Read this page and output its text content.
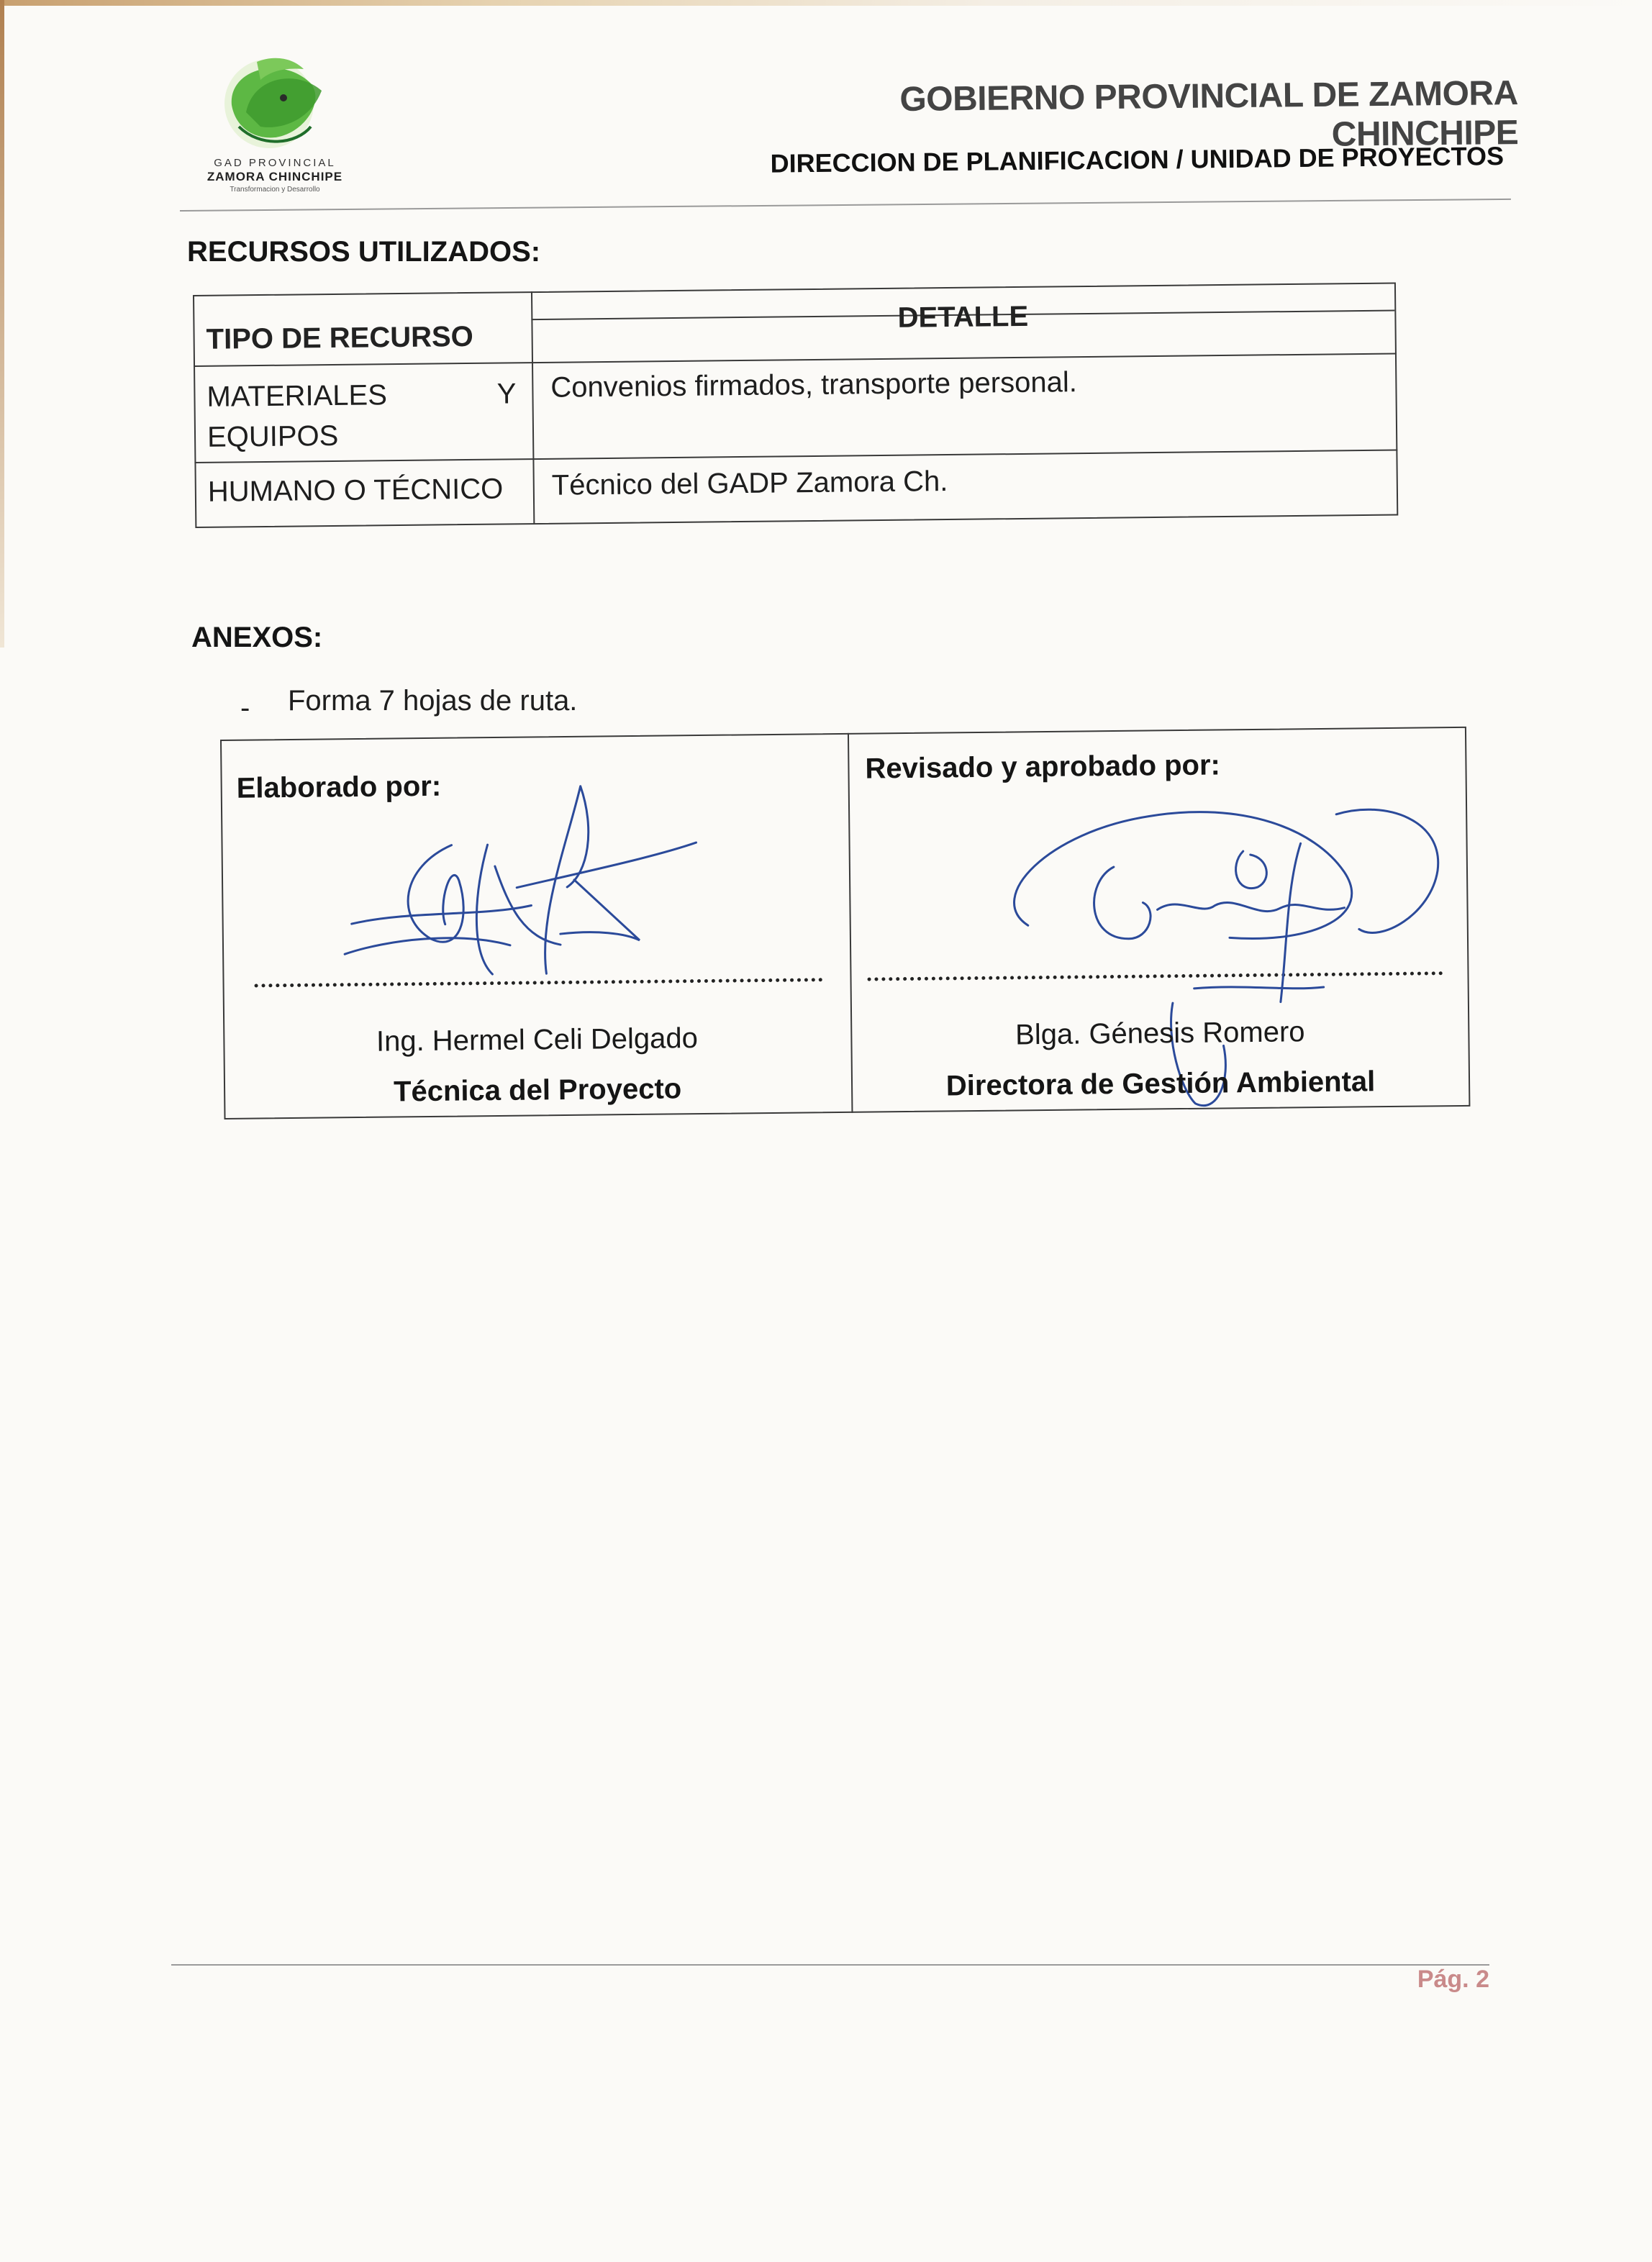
GAD PROVINCIAL
ZAMORA CHINCHIPE
Transformacion y Desarrollo
GOBIERNO PROVINCIAL DE ZAMORA CHINCHIPE
DIRECCION DE PLANIFICACION / UNIDAD DE PROYECTOS
RECURSOS UTILIZADOS:
TIPO DE RECURSO
DETALLE
MATERIALES	Y
EQUIPOS
Convenios firmados, transporte personal.
HUMANO O TÉCNICO Técnico del GADP Zamora Ch.
ANEXOS:
- Forma 7 hojas de ruta.
Elaborado por:
Revisado y aprobado por:
Ing. Hermel Celi Delgado
Técnica del Proyecto
Blga. Génesis Romero
Directora de Gestión Ambiental
Pág. 2
